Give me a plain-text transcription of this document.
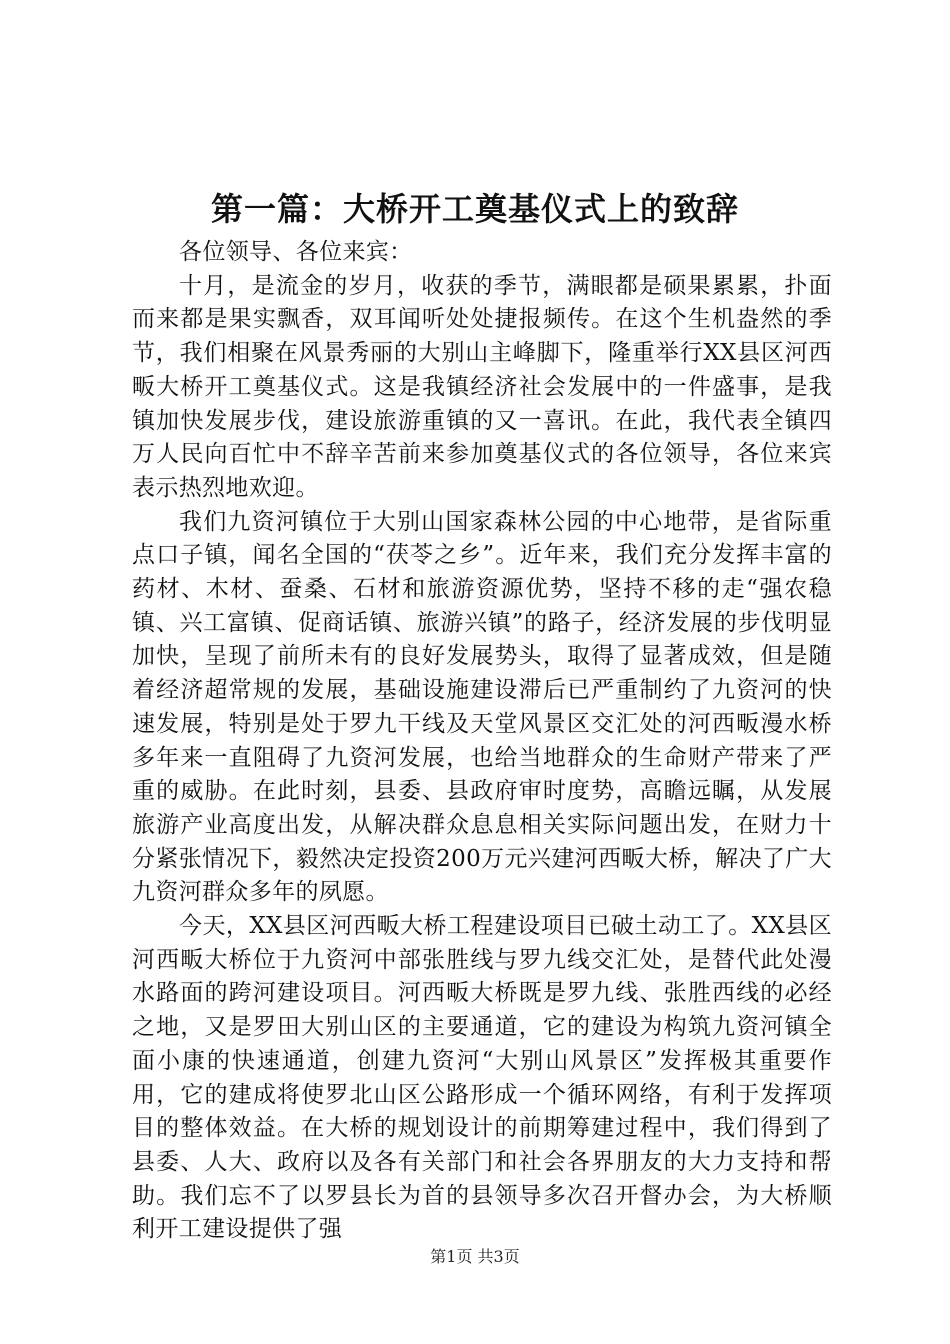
第一篇：大桥开工奠基仪式上的致辞

各位领导、各位来宾：

十月，是流金的岁月，收获的季节，满眼都是硕果累累，扑面而来都是果实飘香，双耳闻听处处捷报频传。在这个生机盎然的季节，我们相聚在风景秀丽的大别山主峰脚下，隆重举行XX县区河西畈大桥开工奠基仪式。这是我镇经济社会发展中的一件盛事，是我镇加快发展步伐，建设旅游重镇的又一喜讯。在此，我代表全镇四万人民向百忙中不辞辛苦前来参加奠基仪式的各位领导，各位来宾表示热烈地欢迎。

我们九资河镇位于大别山国家森林公园的中心地带，是省际重点口子镇，闻名全国的“茯苓之乡”。近年来，我们充分发挥丰富的药材、木材、蚕桑、石材和旅游资源优势，坚持不移的走“强农稳镇、兴工富镇、促商话镇、旅游兴镇”的路子，经济发展的步伐明显加快，呈现了前所未有的良好发展势头，取得了显著成效，但是随着经济超常规的发展，基础设施建设滞后已严重制约了九资河的快速发展，特别是处于罗九干线及天堂风景区交汇处的河西畈漫水桥多年来一直阻碍了九资河发展，也给当地群众的生命财产带来了严重的威胁。在此时刻，县委、县政府审时度势，高瞻远瞩，从发展旅游产业高度出发，从解决群众息息相关实际问题出发，在财力十分紧张情况下，毅然决定投资200万元兴建河西畈大桥，解决了广大九资河群众多年的夙愿。

今天，XX县区河西畈大桥工程建设项目已破土动工了。XX县区河西畈大桥位于九资河中部张胜线与罗九线交汇处，是替代此处漫水路面的跨河建设项目。河西畈大桥既是罗九线、张胜西线的必经之地，又是罗田大别山区的主要通道，它的建设为构筑九资河镇全面小康的快速通道，创建九资河“大别山风景区”发挥极其重要作用，它的建成将使罗北山区公路形成一个循环网络，有利于发挥项目的整体效益。在大桥的规划设计的前期筹建过程中，我们得到了县委、人大、政府以及各有关部门和社会各界朋友的大力支持和帮助。我们忘不了以罗县长为首的县领导多次召开督办会，为大桥顺利开工建设提供了强

第1页 共3页
